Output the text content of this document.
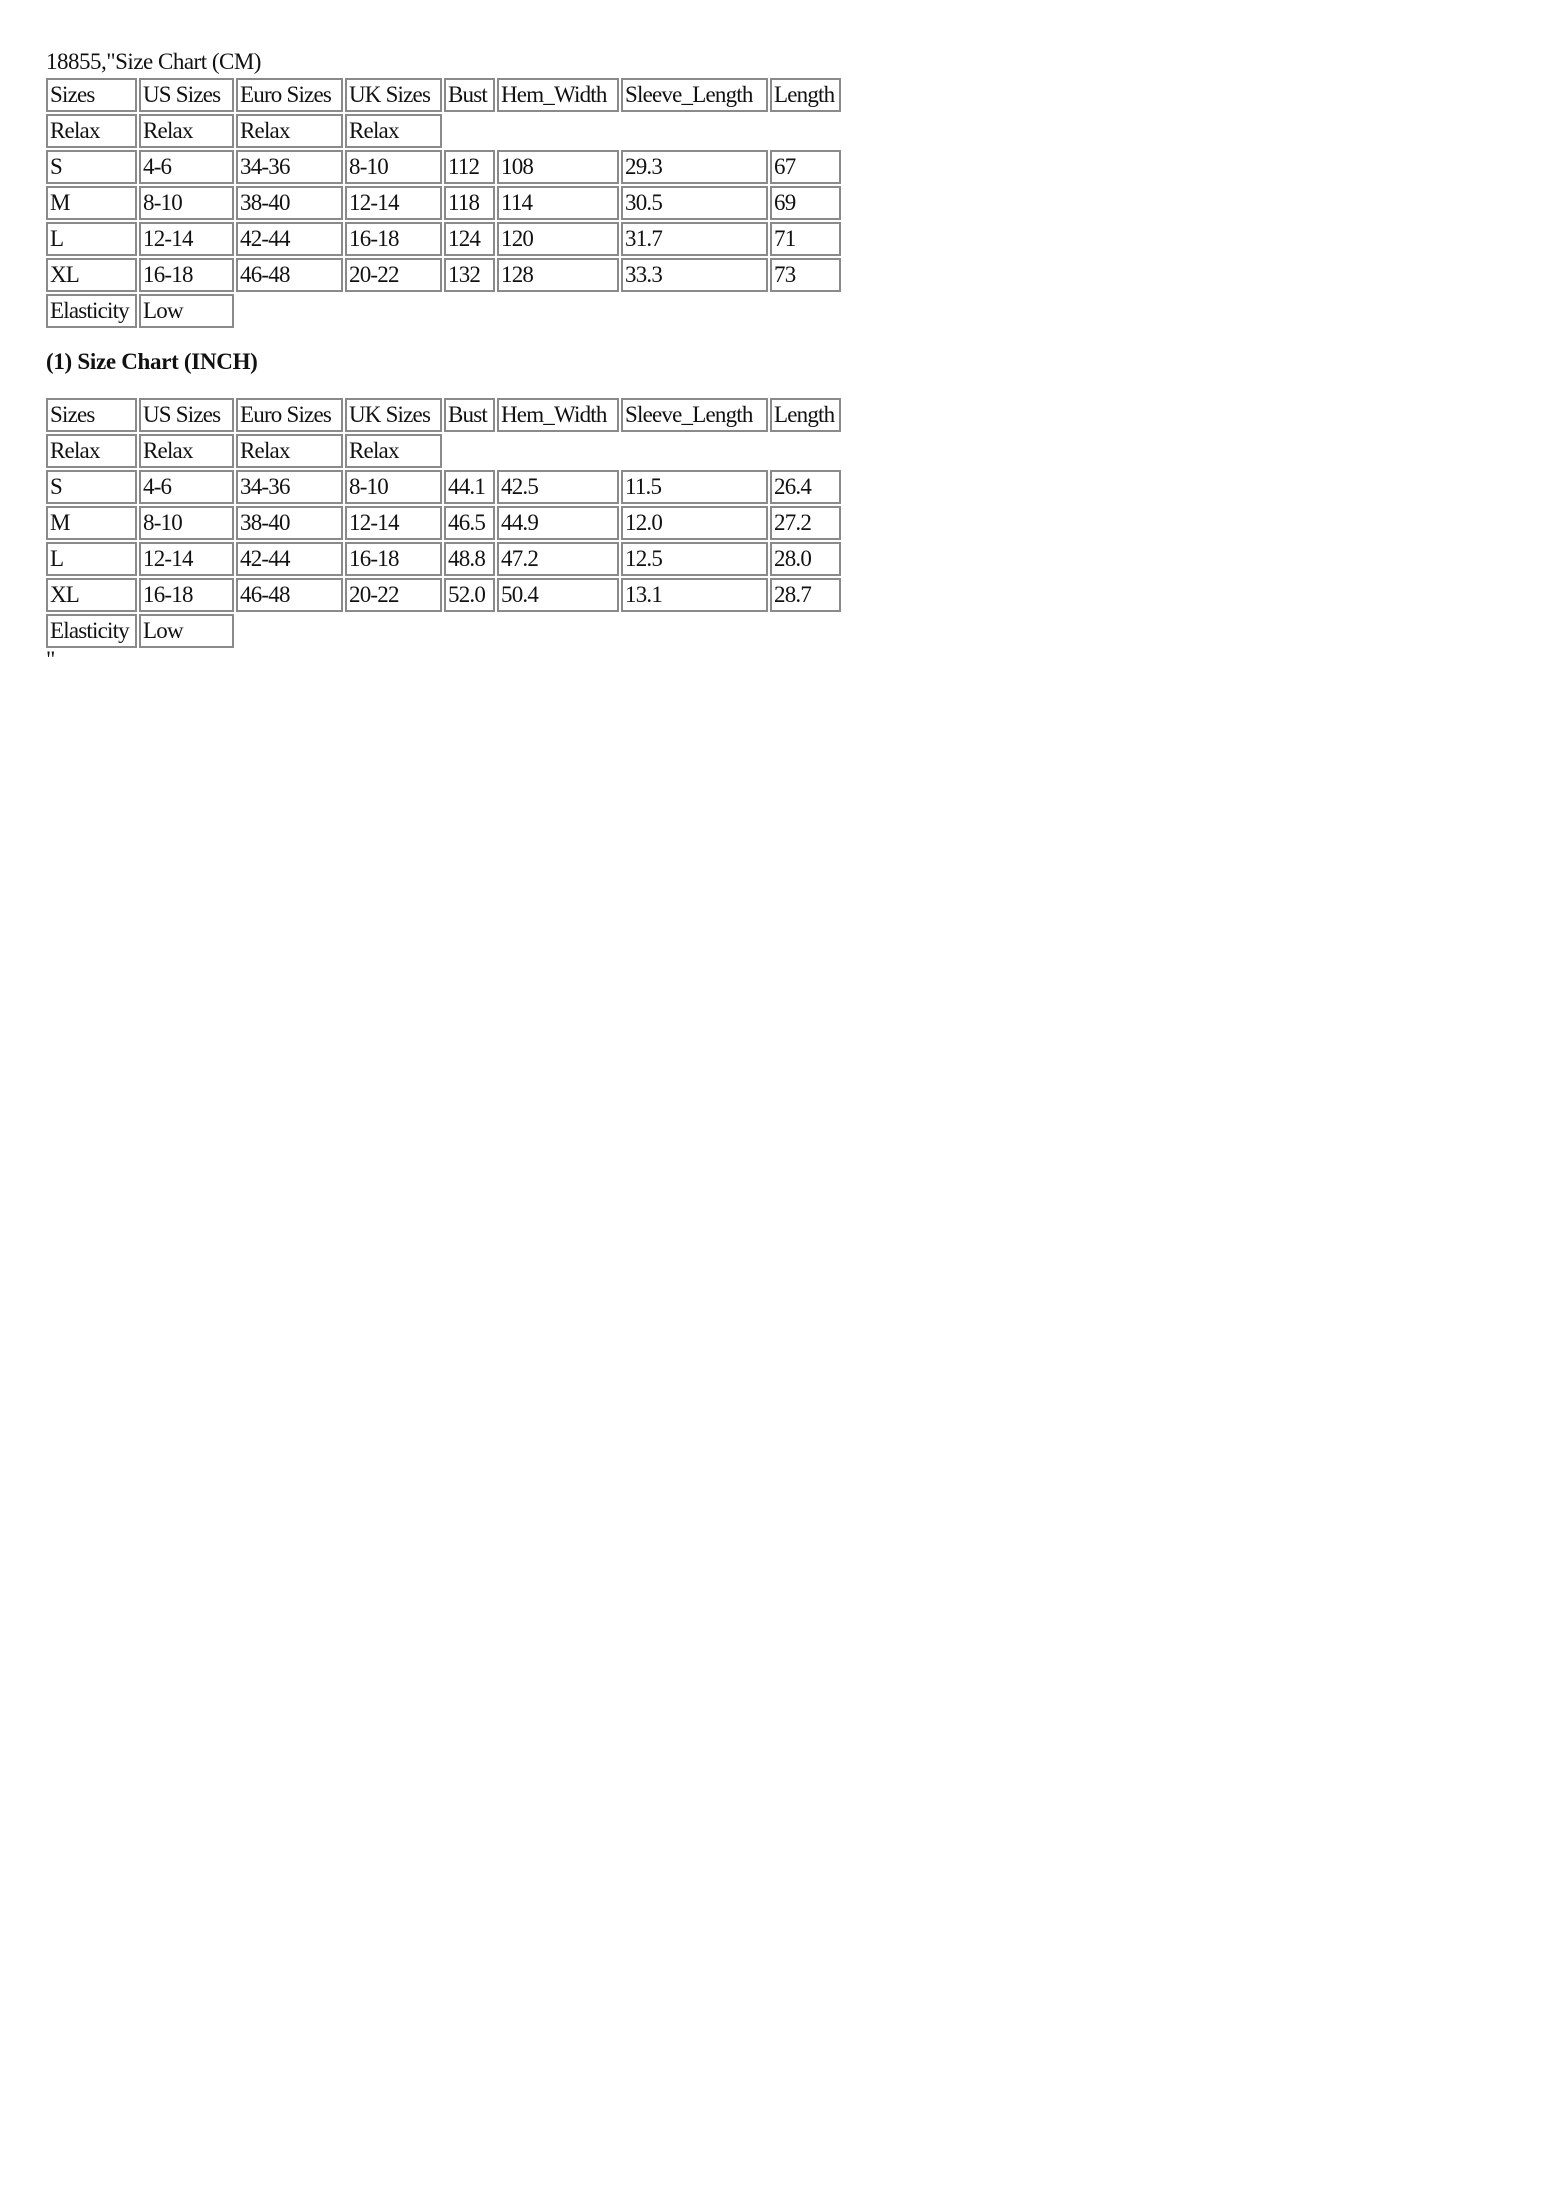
18855,"Size Chart (CM)

Sizes	US Sizes	Euro Sizes	UK Sizes	Bust	Hem_Width	Sleeve_Length	Length
Relax	Relax	Relax	Relax				
S	4-6	34-36	8-10	112	108	29.3	67
M	8-10	38-40	12-14	118	114	30.5	69
L	12-14	42-44	16-18	124	120	31.7	71
XL	16-18	46-48	20-22	132	128	33.3	73
Elasticity	Low						

(1) Size Chart (INCH)

Sizes	US Sizes	Euro Sizes	UK Sizes	Bust	Hem_Width	Sleeve_Length	Length
Relax	Relax	Relax	Relax				
S	4-6	34-36	8-10	44.1	42.5	11.5	26.4
M	8-10	38-40	12-14	46.5	44.9	12.0	27.2
L	12-14	42-44	16-18	48.8	47.2	12.5	28.0
XL	16-18	46-48	20-22	52.0	50.4	13.1	28.7
Elasticity	Low						

"
